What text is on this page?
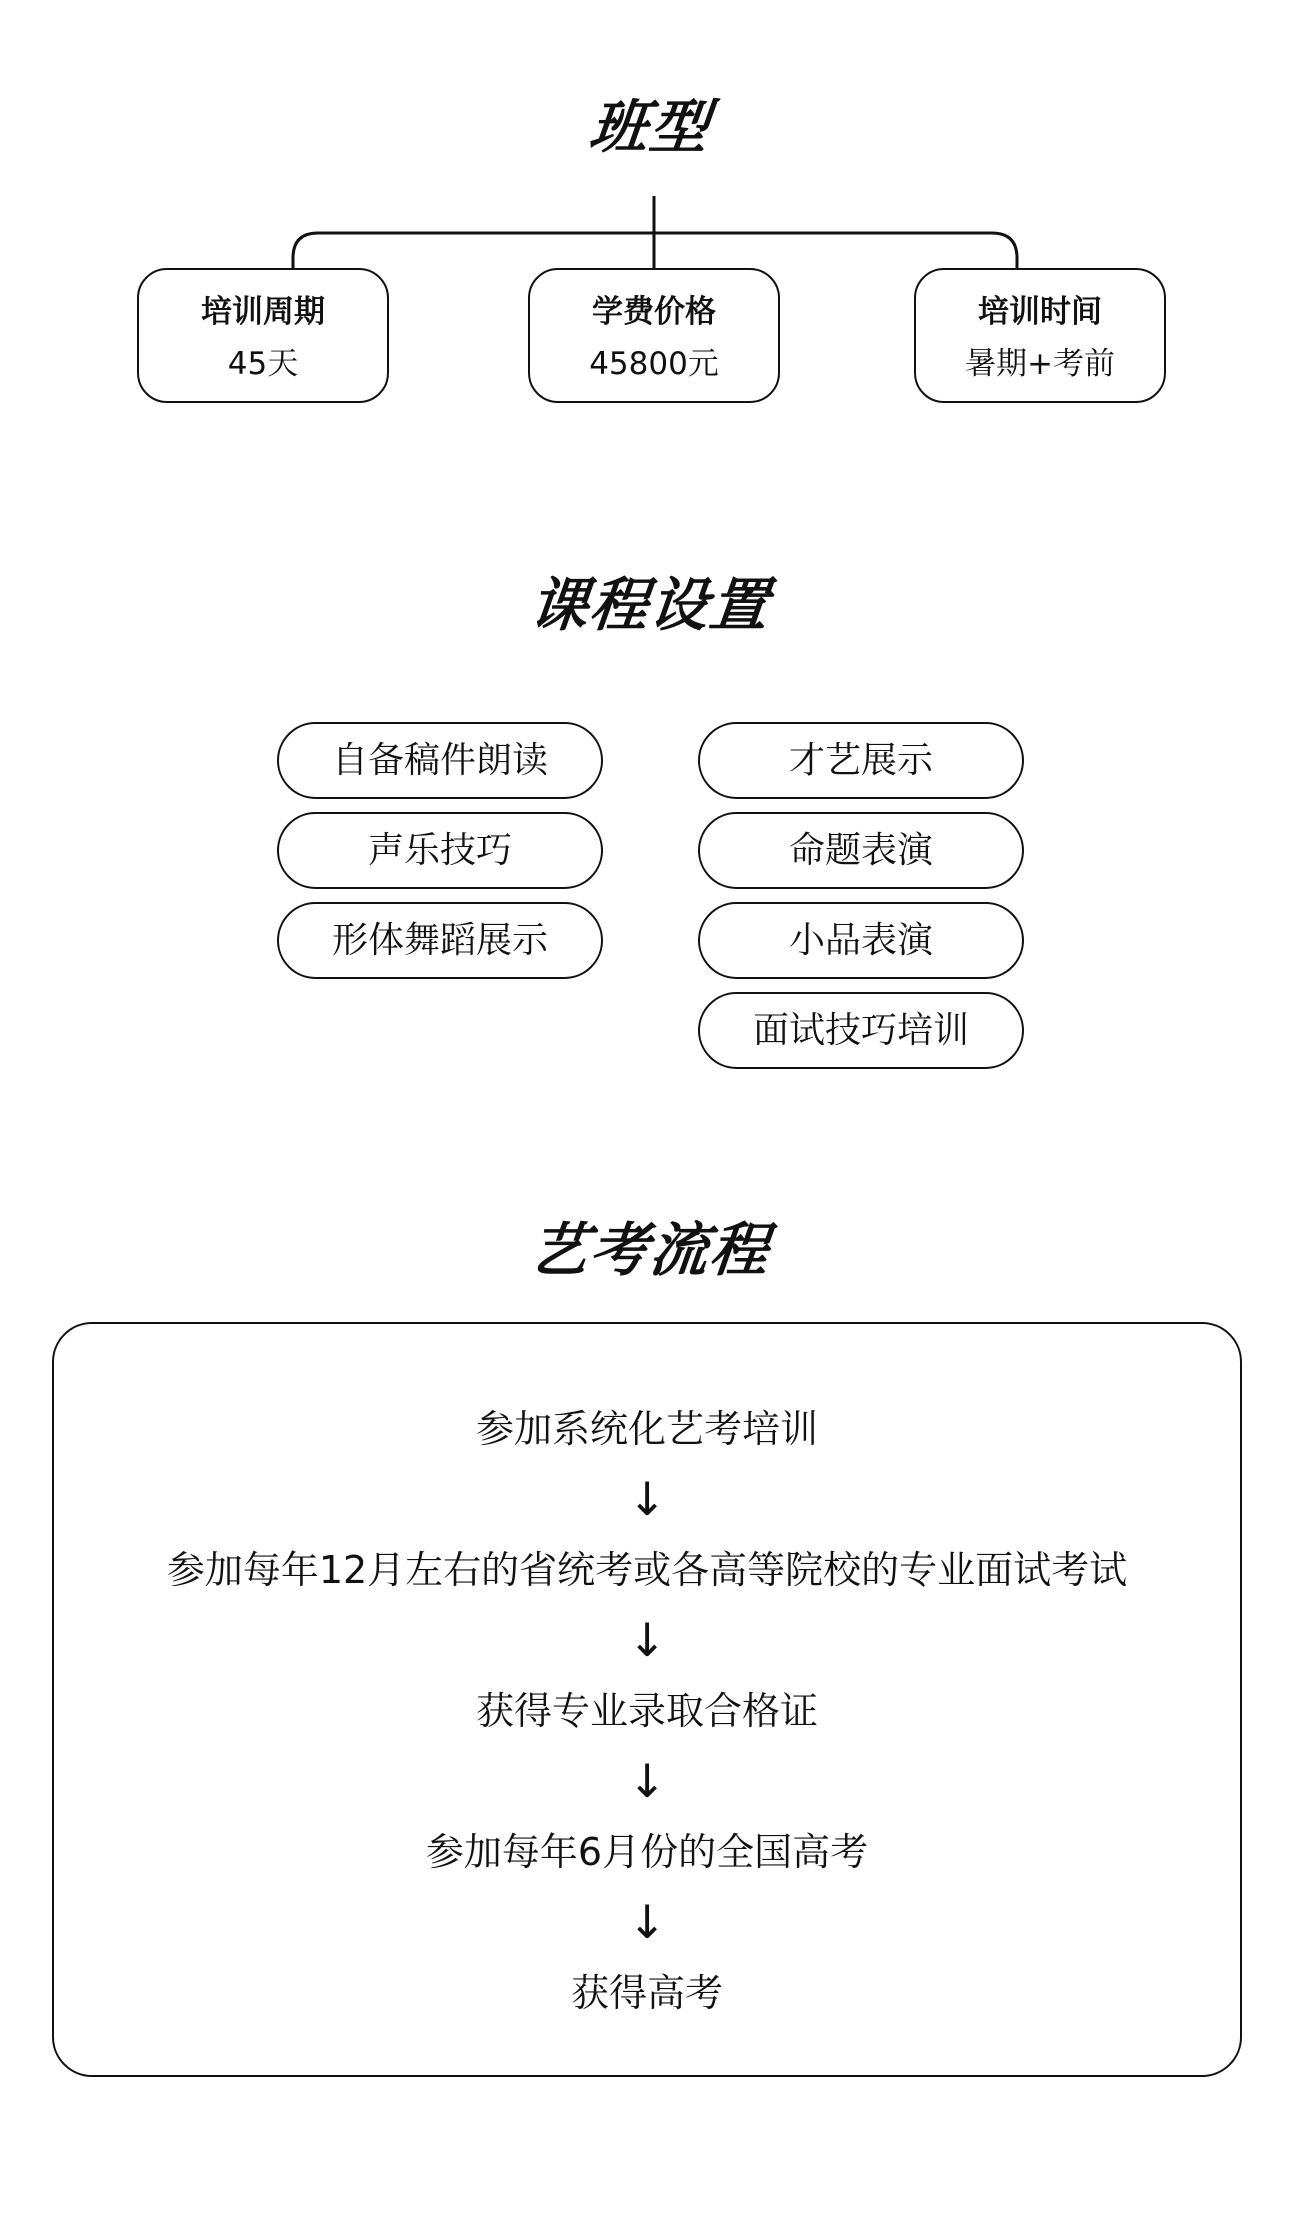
班型
培训周期
45天
学费价格
45800元
培训时间
暑期+考前
课程设置
自备稿件朗读
声乐技巧
形体舞蹈展示
才艺展示
命题表演
小品表演
面试技巧培训
艺考流程
参加系统化艺考培训
↓
参加每年12月左右的省统考或各高等院校的专业面试考试
↓
获得专业录取合格证
↓
参加每年6月份的全国高考
↓
获得高考
